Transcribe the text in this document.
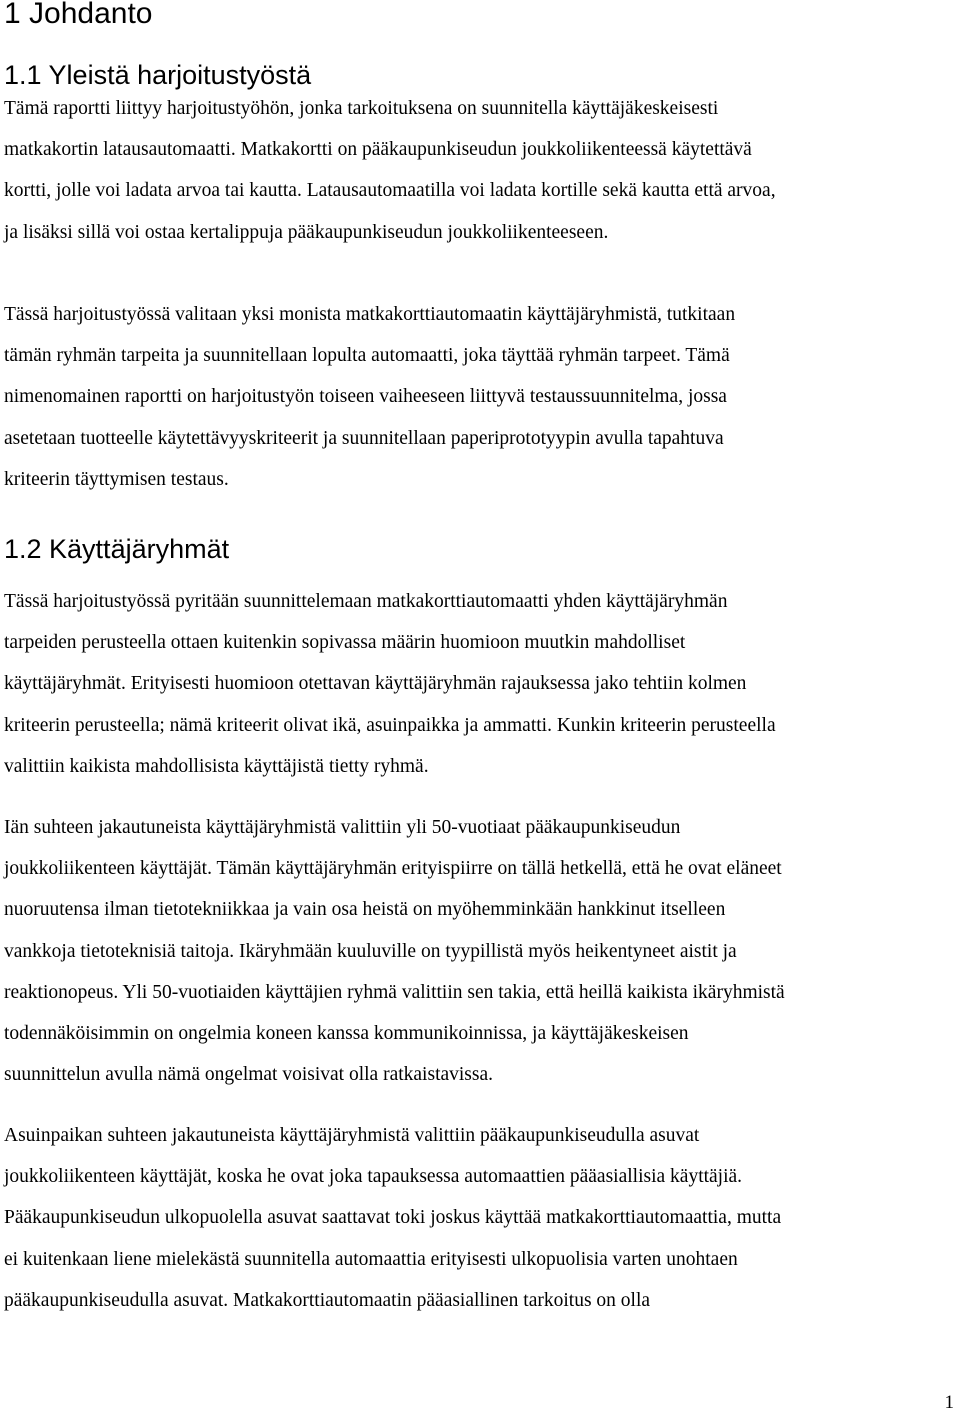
1 Johdanto
1.1 Yleistä harjoitustyöstä
Tämä raportti liittyy harjoitustyöhön, jonka tarkoituksena on suunnitella käyttäjäkeskeisesti
matkakortin latausautomaatti. Matkakortti on pääkaupunkiseudun joukkoliikenteessä käytettävä
kortti, jolle voi ladata arvoa tai kautta. Latausautomaatilla voi ladata kortille sekä kautta että arvoa,
ja lisäksi sillä voi ostaa kertalippuja pääkaupunkiseudun joukkoliikenteeseen.
Tässä harjoitustyössä valitaan yksi monista matkakorttiautomaatin käyttäjäryhmistä, tutkitaan
tämän ryhmän tarpeita ja suunnitellaan lopulta automaatti, joka täyttää ryhmän tarpeet. Tämä
nimenomainen raportti on harjoitustyön toiseen vaiheeseen liittyvä testaussuunnitelma, jossa
asetetaan tuotteelle käytettävyyskriteerit ja suunnitellaan paperiprototyypin avulla tapahtuva
kriteerin täyttymisen testaus.
1.2 Käyttäjäryhmät
Tässä harjoitustyössä pyritään suunnittelemaan matkakorttiautomaatti yhden käyttäjäryhmän
tarpeiden perusteella ottaen kuitenkin sopivassa määrin huomioon muutkin mahdolliset
käyttäjäryhmät. Erityisesti huomioon otettavan käyttäjäryhmän rajauksessa jako tehtiin kolmen
kriteerin perusteella; nämä kriteerit olivat ikä, asuinpaikka ja ammatti. Kunkin kriteerin perusteella
valittiin kaikista mahdollisista käyttäjistä tietty ryhmä.
Iän suhteen jakautuneista käyttäjäryhmistä valittiin yli 50-vuotiaat pääkaupunkiseudun
joukkoliikenteen käyttäjät. Tämän käyttäjäryhmän erityispiirre on tällä hetkellä, että he ovat eläneet
nuoruutensa ilman tietotekniikkaa ja vain osa heistä on myöhemminkään hankkinut itselleen
vankkoja tietoteknisiä taitoja. Ikäryhmään kuuluville on tyypillistä myös heikentyneet aistit ja
reaktionopeus. Yli 50-vuotiaiden käyttäjien ryhmä valittiin sen takia, että heillä kaikista ikäryhmistä
todennäköisimmin on ongelmia koneen kanssa kommunikoinnissa, ja käyttäjäkeskeisen
suunnittelun avulla nämä ongelmat voisivat olla ratkaistavissa.
Asuinpaikan suhteen jakautuneista käyttäjäryhmistä valittiin pääkaupunkiseudulla asuvat
joukkoliikenteen käyttäjät, koska he ovat joka tapauksessa automaattien pääasiallisia käyttäjiä.
Pääkaupunkiseudun ulkopuolella asuvat saattavat toki joskus käyttää matkakorttiautomaattia, mutta
ei kuitenkaan liene mielekästä suunnitella automaattia erityisesti ulkopuolisia varten unohtaen
pääkaupunkiseudulla asuvat. Matkakorttiautomaatin pääasiallinen tarkoitus on olla
1
